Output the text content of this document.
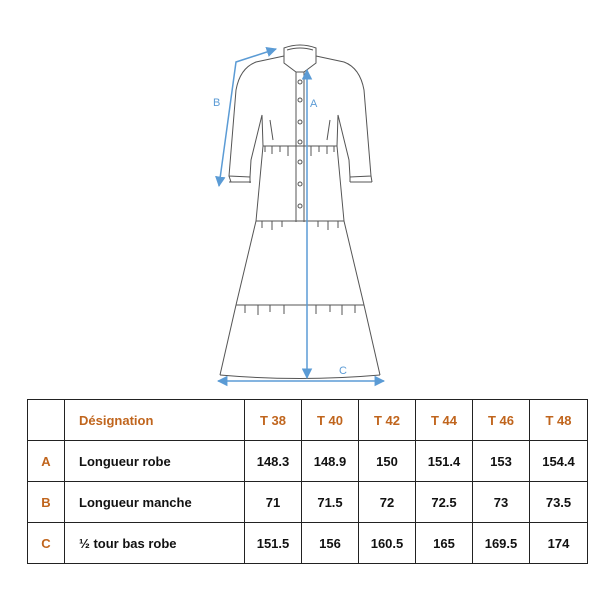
A
B
C
	Désignation	T 38	T 40	T 42	T 44	T 46	T 48
A	Longueur robe	148.3	148.9	150	151.4	153	154.4
B	Longueur manche	71	71.5	72	72.5	73	73.5
C	½ tour bas robe	151.5	156	160.5	165	169.5	174
